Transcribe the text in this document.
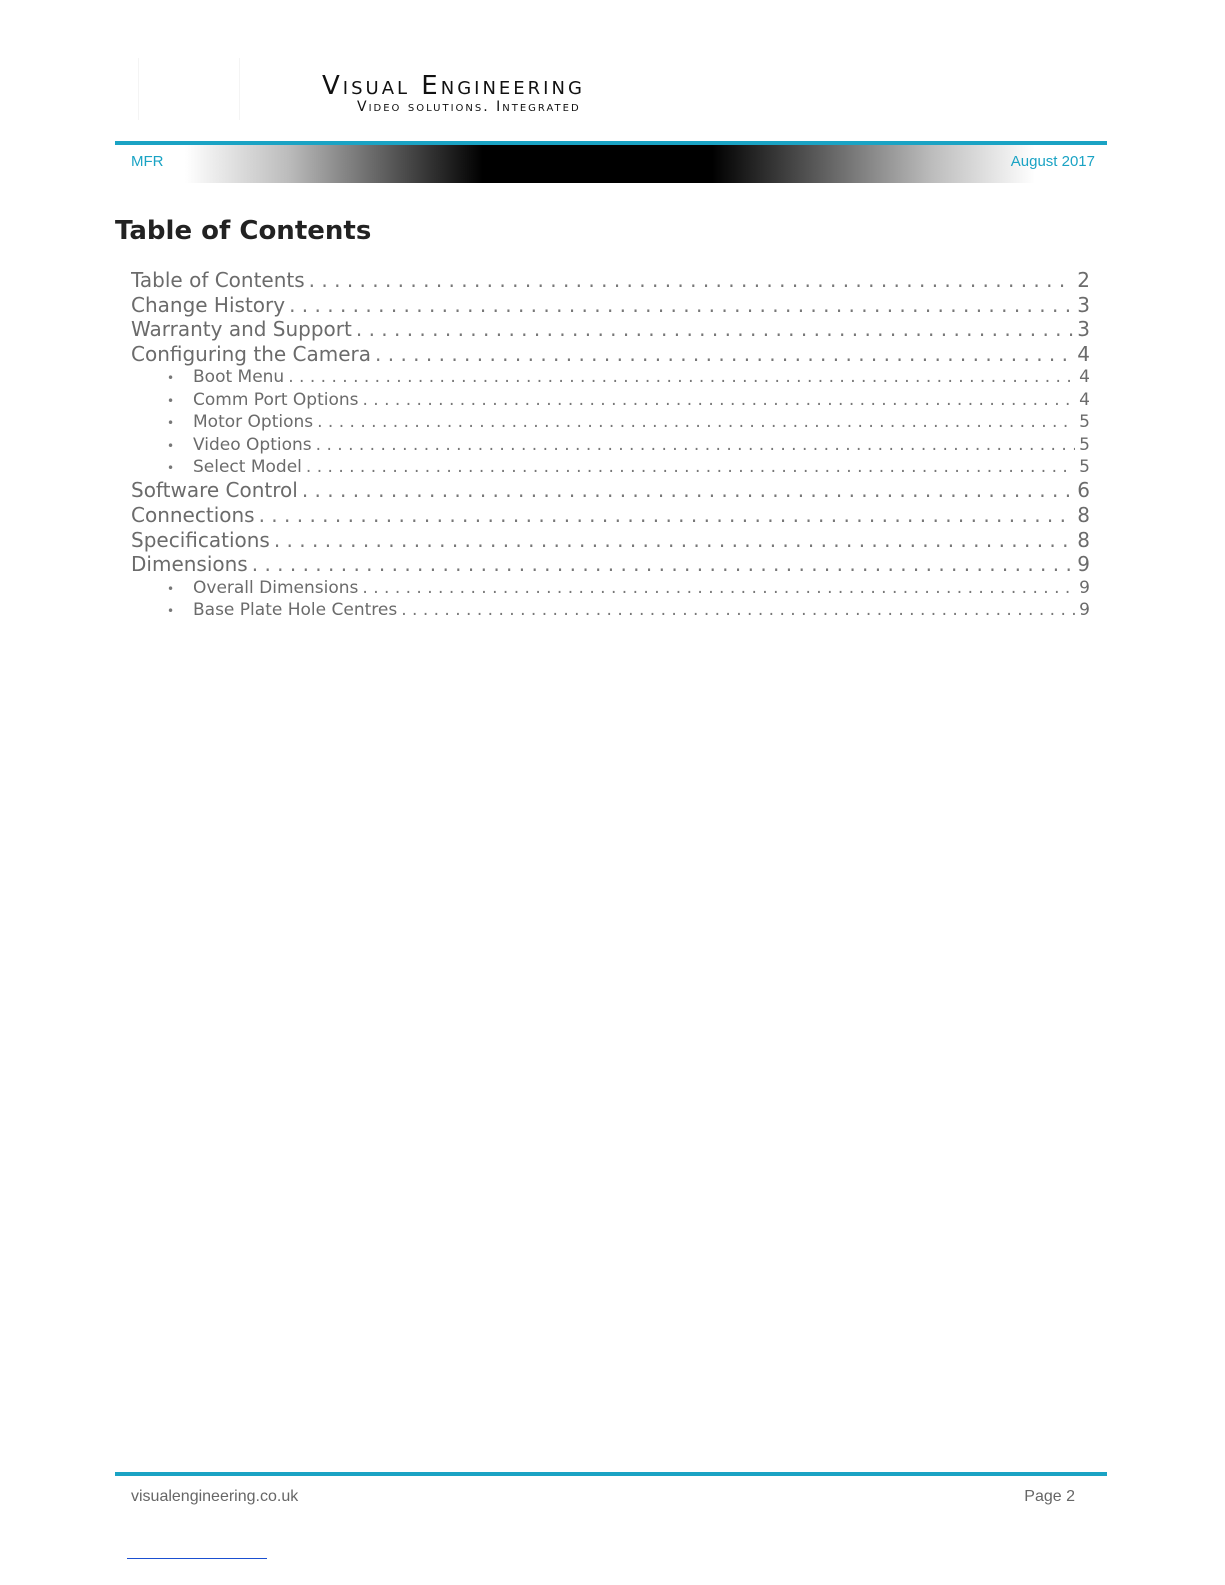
Visual Engineering
Video solutions. Integrated
MFR	August 2017
Table of Contents
Table of Contents . . .	2
Change History . . .	3
Warranty and Support . . .	3
Configuring the Camera . . .	4
•	Boot Menu . . .	4
•	Comm Port Options . . .	4
•	Motor Options . . .	5
•	Video Options . . .	5
•	Select Model . . .	5
Software Control . . .	6
Connections . . .	8
Specifications . . .	8
Dimensions . . .	9
•	Overall Dimensions . . .	9
•	Base Plate Hole Centres . . .	9
visualengineering.co.uk	Page 2
